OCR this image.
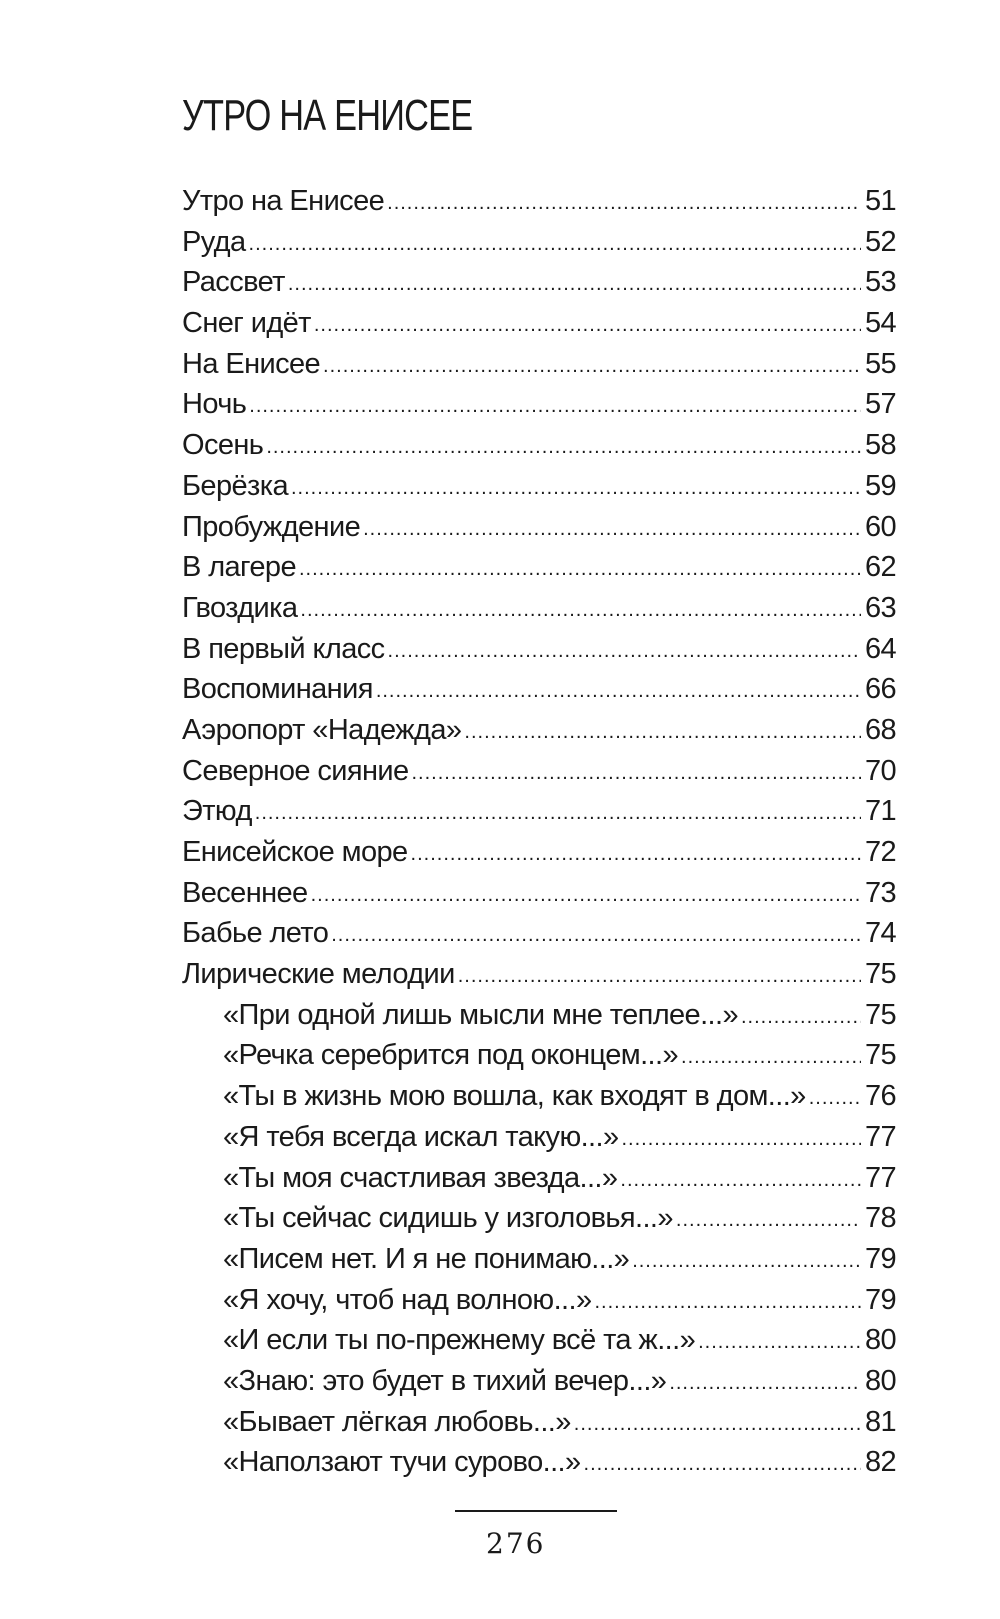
УТРО НА ЕНИСЕЕ
Утро на Енисее .....	51
Руда .....	52
Рассвет .....	53
Снег идёт .....	54
На Енисее .....	55
Ночь .....	57
Осень .....	58
Берёзка .....	59
Пробуждение .....	60
В лагере .....	62
Гвоздика .....	63
В первый класс .....	64
Воспоминания .....	66
Аэропорт «Надежда» .....	68
Северное сияние .....	70
Этюд .....	71
Енисейское море .....	72
Весеннее .....	73
Бабье лето .....	74
Лирические мелодии .....	75
«При одной лишь мысли мне теплее...» .....	75
«Речка серебрится под оконцем...» .....	75
«Ты в жизнь мою вошла, как входят в дом...» ..... 76
«Я тебя всегда искал такую...» .....	77
«Ты моя счастливая звезда...» .....	77
«Ты сейчас сидишь у изголовья...» .....	78
«Писем нет. И я не понимаю...» .....	79
«Я хочу, чтоб над волною...» .....	79
«И если ты по-прежнему всё та ж...» .....	80
«Знаю: это будет в тихий вечер...» .....	80
«Бывает лёгкая любовь...» .....	81
«Наползают тучи сурово...» .....	82
276
